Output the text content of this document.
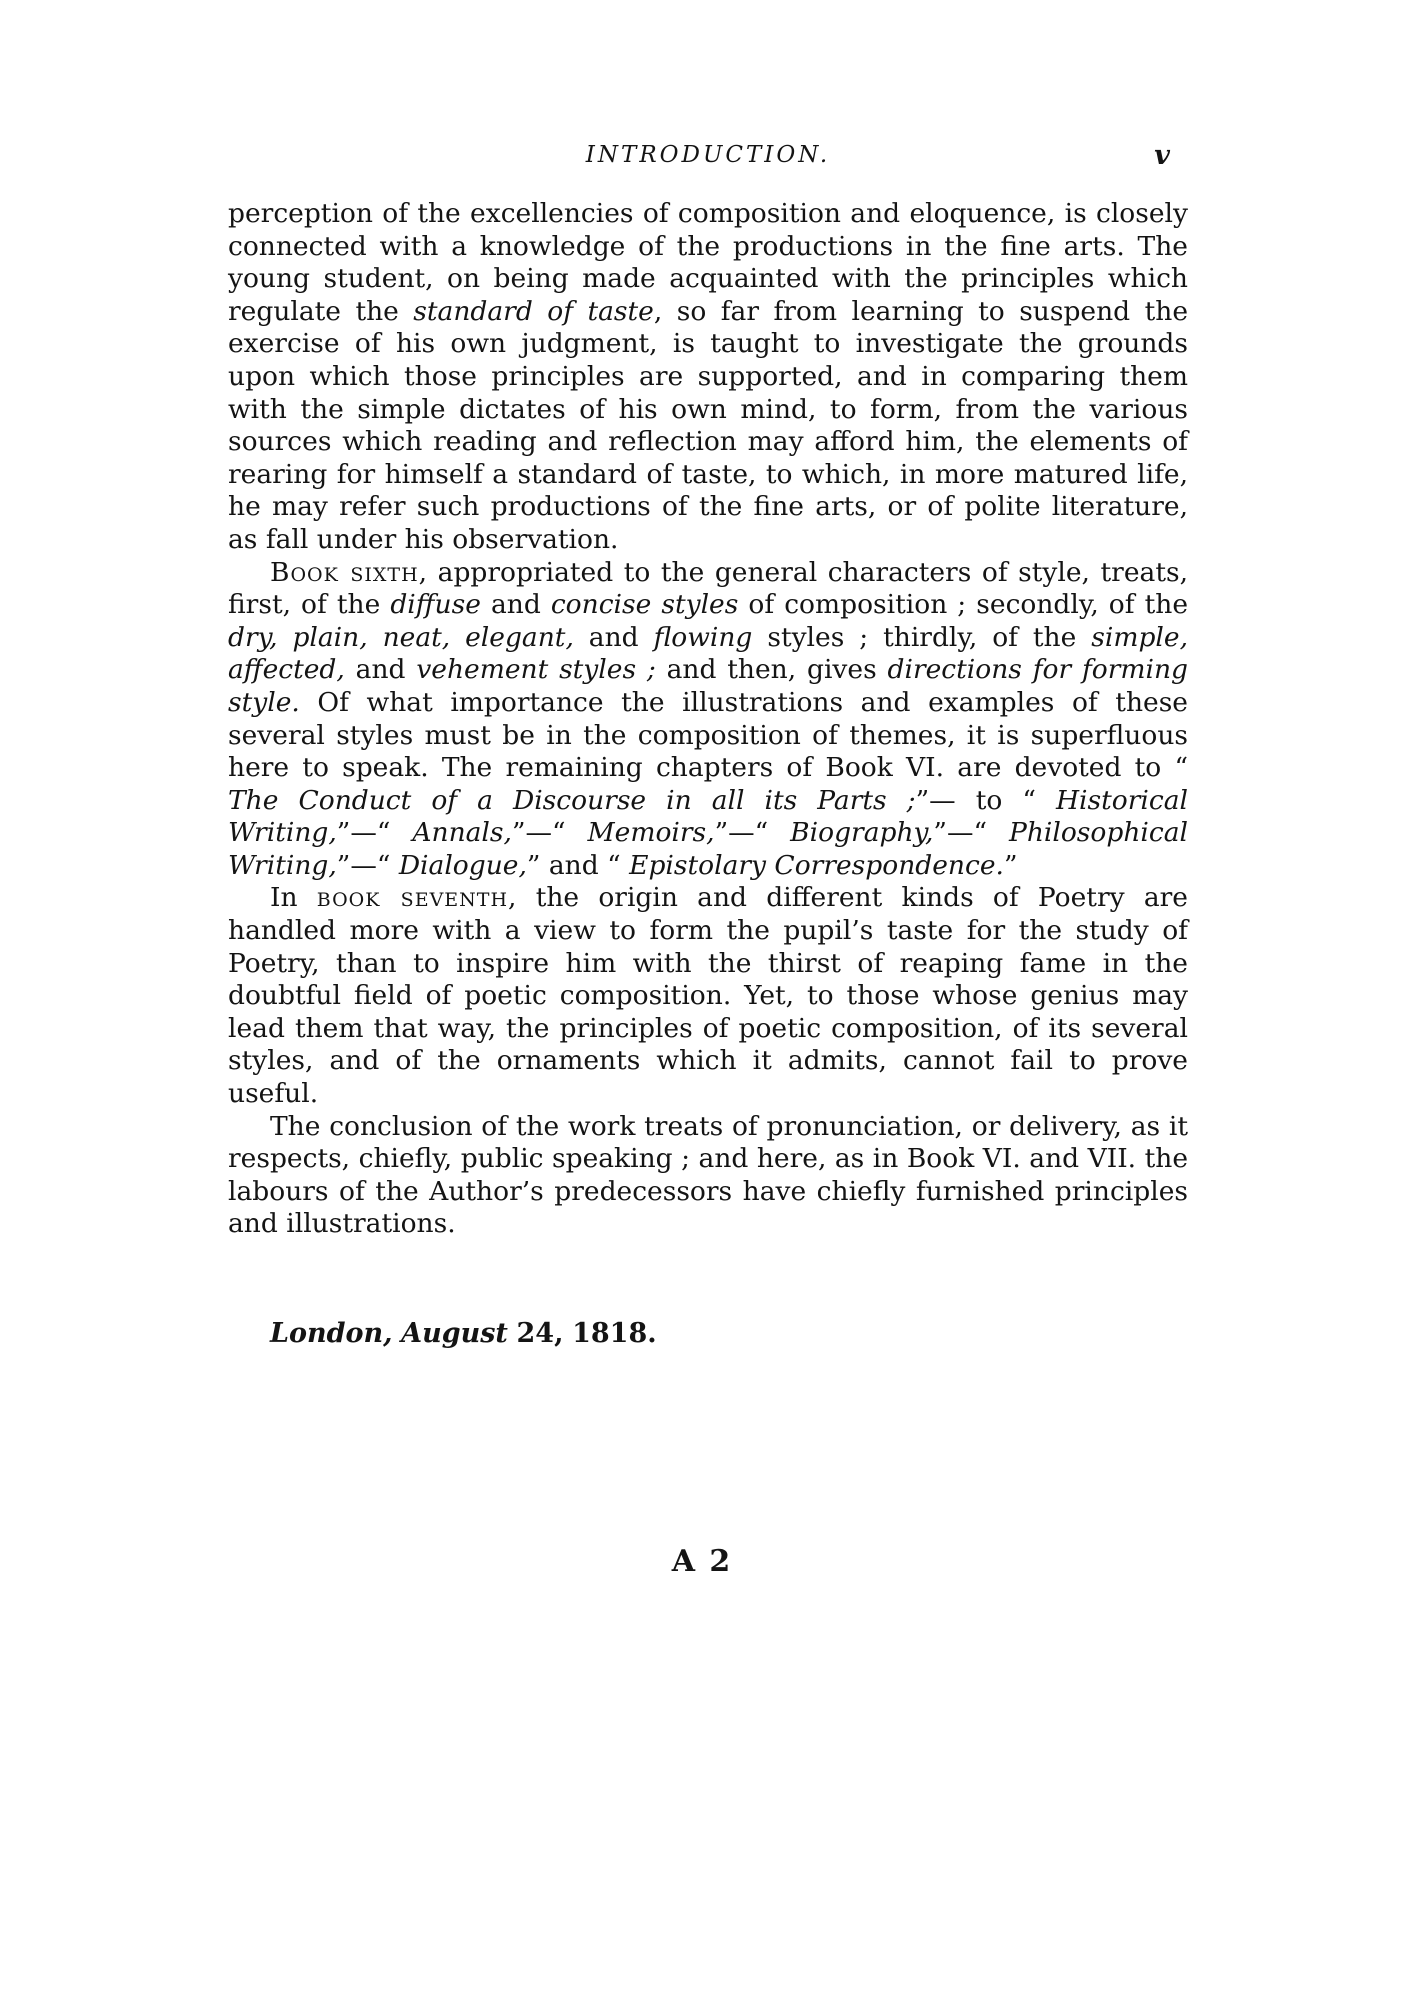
INTRODUCTION.	v

perception of the excellencies of composition and eloquence, is closely connected with a knowledge of the productions in the fine arts. The young student, on being made acquainted with the principles which regulate the standard of taste, so far from learning to suspend the exercise of his own judgment, is taught to investigate the grounds upon which those principles are supported, and in comparing them with the simple dictates of his own mind, to form, from the various sources which reading and reflection may afford him, the elements of rearing for himself a standard of taste, to which, in more matured life, he may refer such productions of the fine arts, or of polite literature, as fall under his observation.

Book sixth, appropriated to the general characters of style, treats, first, of the diffuse and concise styles of composition ; secondly, of the dry, plain, neat, elegant, and flowing styles ; thirdly, of the simple, affected, and vehement styles ; and then, gives directions for forming style. Of what importance the illustrations and examples of these several styles must be in the composition of themes, it is superfluous here to speak. The remaining chapters of Book VI. are devoted to “ The Conduct of a Discourse in all its Parts ;”— to “ Historical Writing,”—“ Annals,”—“ Memoirs,”—“ Biography,”—“ Philosophical Writing,”—“ Dialogue,” and “ Epistolary Correspondence.”

In book seventh, the origin and different kinds of Poetry are handled more with a view to form the pupil’s taste for the study of Poetry, than to inspire him with the thirst of reaping fame in the doubtful field of poetic composition. Yet, to those whose genius may lead them that way, the principles of poetic composition, of its several styles, and of the ornaments which it admits, cannot fail to prove useful.

The conclusion of the work treats of pronunciation, or delivery, as it respects, chiefly, public speaking ; and here, as in Book VI. and VII. the labours of the Author’s predecessors have chiefly furnished principles and illustrations.

London, August 24, 1818.
A 2
